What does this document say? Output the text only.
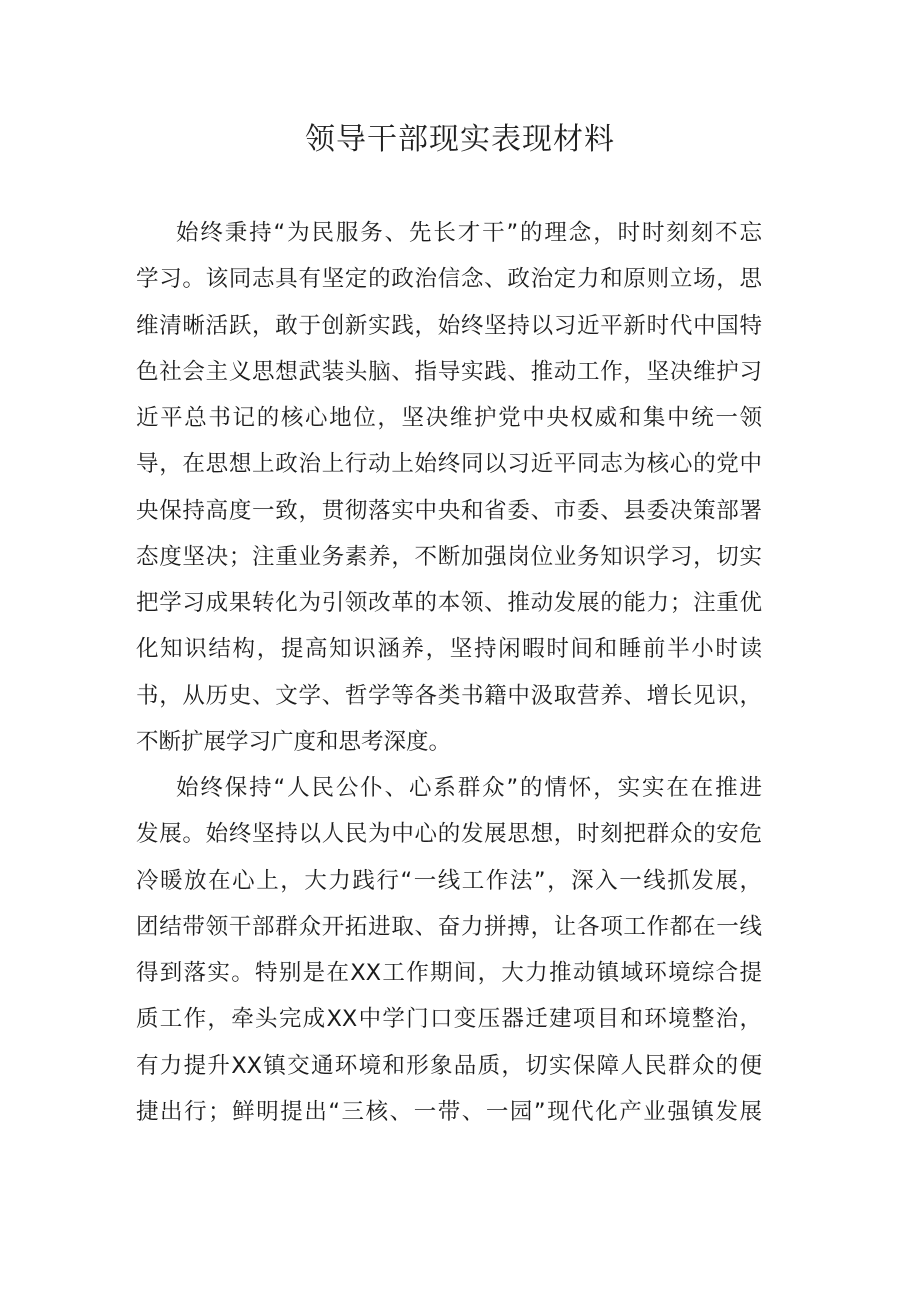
领导干部现实表现材料
始终秉持“为民服务、先长才干”的理念，时时刻刻不忘
学习。该同志具有坚定的政治信念、政治定力和原则立场，思
维清晰活跃，敢于创新实践，始终坚持以习近平新时代中国特
色社会主义思想武装头脑、指导实践、推动工作，坚决维护习
近平总书记的核心地位，坚决维护党中央权威和集中统一领
导，在思想上政治上行动上始终同以习近平同志为核心的党中
央保持高度一致，贯彻落实中央和省委、市委、县委决策部署
态度坚决；注重业务素养，不断加强岗位业务知识学习，切实
把学习成果转化为引领改革的本领、推动发展的能力；注重优
化知识结构，提高知识涵养，坚持闲暇时间和睡前半小时读
书，从历史、文学、哲学等各类书籍中汲取营养、增长见识，
不断扩展学习广度和思考深度。
始终保持“人民公仆、心系群众”的情怀，实实在在推进
发展。始终坚持以人民为中心的发展思想，时刻把群众的安危
冷暖放在心上，大力践行“一线工作法”，深入一线抓发展，
团结带领干部群众开拓进取、奋力拼搏，让各项工作都在一线
得到落实。特别是在XX工作期间，大力推动镇域环境综合提
质工作，牵头完成XX中学门口变压器迁建项目和环境整治，
有力提升XX镇交通环境和形象品质，切实保障人民群众的便
捷出行；鲜明提出“三核、一带、一园”现代化产业强镇发展
